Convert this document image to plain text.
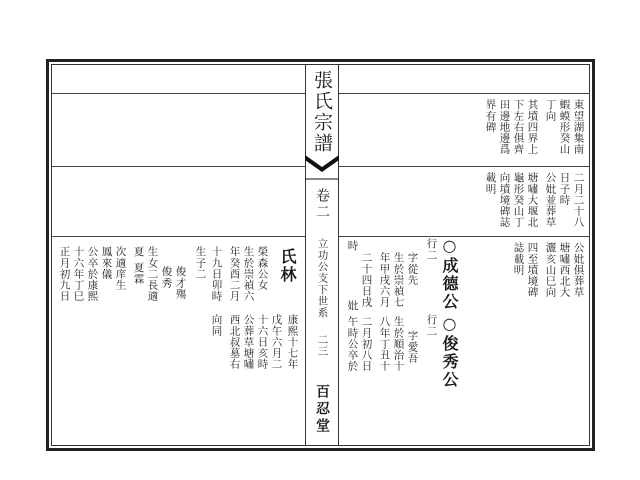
張氏宗譜
卷二
立功公支下世系
二三
百忍堂
東望湖集南
蝦蟆形癸山
丁向
其墳四界上
下左右俱齊
田邊地邊爲
界有碑
二月二十八
日子時
公妣並葬草
塘嘯大堰北
龜形癸山丁
向墳境碑誌
載明
公妣俱葬草
塘嘯西北大
灑亥山巳向
四至墳境碑
誌載明
行二 ○成德公
行二 ○俊秀公
字從先
生於崇禎七
年甲戌六月
二十四日戌
時
妣
字愛吾
生於順治十
八年丁丑十
二月初八日
午時公卒於
康熙十七年
戊午六月二
十六日亥時
公葬草塘嘯
西北叔墓右
向同
氏林
榮森公女
生於崇禎六
年癸酉二月
十九日卯時
生子二
俊才殤
俊秀
生女二長適
夏
夏霖
次適庠生
鳳來儀
公卒於康熙
十六年丁巳
正月初九日
